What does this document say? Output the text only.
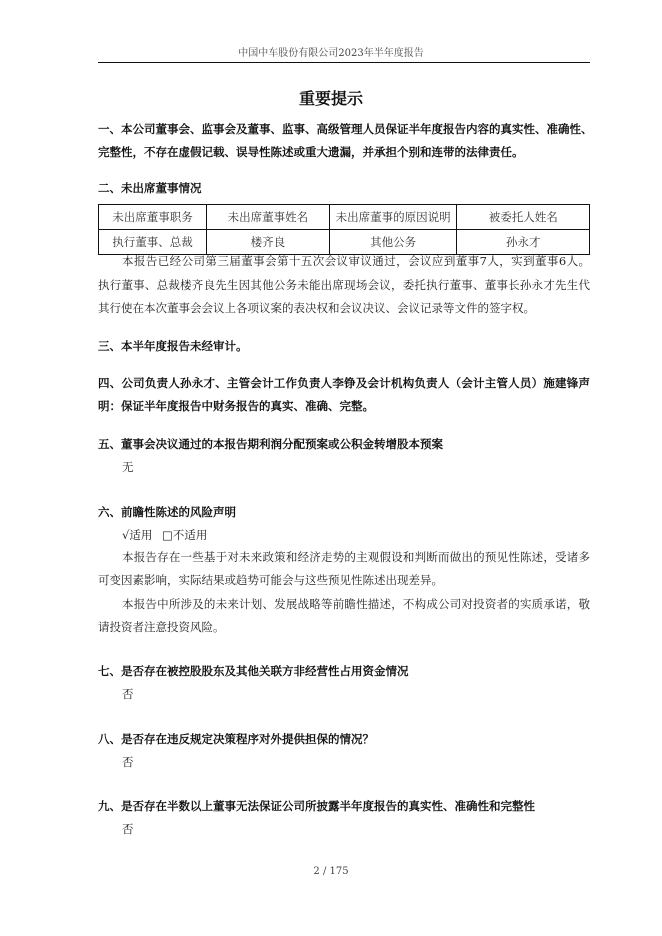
中国中车股份有限公司2023年半年度报告
重要提示
一、本公司董事会、监事会及董事、监事、高级管理人员保证半年度报告内容的真实性、准确性、
完整性，不存在虚假记载、误导性陈述或重大遗漏，并承担个别和连带的法律责任。
二、未出席董事情况
未出席董事职务	未出席董事姓名	未出席董事的原因说明	被委托人姓名
执行董事、总裁	楼齐良	其他公务	孙永才
本报告已经公司第三届董事会第十五次会议审议通过，会议应到董事7人，实到董事6人。
执行董事、总裁楼齐良先生因其他公务未能出席现场会议，委托执行董事、董事长孙永才先生代
其行使在本次董事会会议上各项议案的表决权和会议决议、会议记录等文件的签字权。
三、本半年度报告未经审计。
四、公司负责人孙永才、主管会计工作负责人李铮及会计机构负责人（会计主管人员）施建锋声
明：保证半年度报告中财务报告的真实、准确、完整。
五、董事会决议通过的本报告期利润分配预案或公积金转增股本预案
无
六、前瞻性陈述的风险声明
√适用 □不适用
本报告存在一些基于对未来政策和经济走势的主观假设和判断而做出的预见性陈述，受诸多
可变因素影响，实际结果或趋势可能会与这些预见性陈述出现差异。
本报告中所涉及的未来计划、发展战略等前瞻性描述，不构成公司对投资者的实质承诺，敬
请投资者注意投资风险。
七、是否存在被控股股东及其他关联方非经营性占用资金情况
否
八、是否存在违反规定决策程序对外提供担保的情况？
否
九、是否存在半数以上董事无法保证公司所披露半年度报告的真实性、准确性和完整性
否
2 / 175
